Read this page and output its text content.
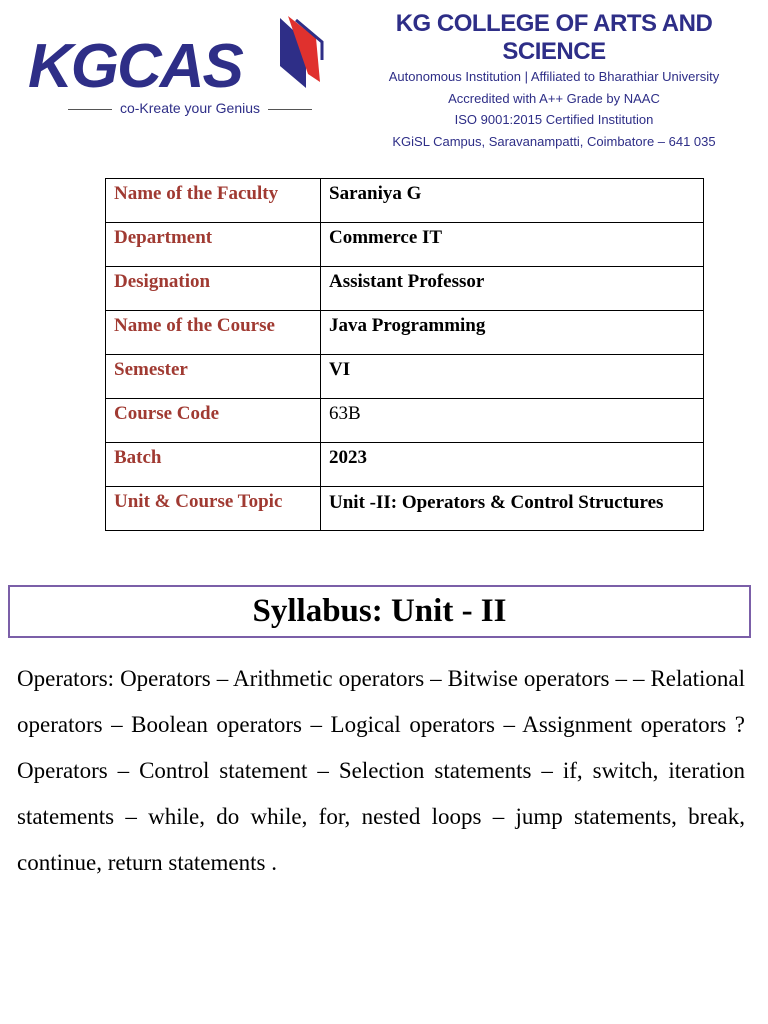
KGCAS
co-Kreate your Genius
KG COLLEGE OF ARTS AND SCIENCE
Autonomous Institution | Affiliated to Bharathiar University
Accredited with A++ Grade by NAAC
ISO 9001:2015 Certified Institution
KGiSL Campus, Saravanampatti, Coimbatore – 641 035
Name of the Faculty	Saraniya G
Department	Commerce IT
Designation	Assistant Professor
Name of the Course	Java Programming
Semester	VI
Course Code	63B
Batch	2023
Unit & Course Topic	Unit -II: Operators & Control Structures
Syllabus: Unit - II
Operators: Operators – Arithmetic operators – Bitwise operators – – Relational operators – Boolean operators – Logical operators – Assignment operators ? Operators – Control statement – Selection statements – if, switch, iteration statements – while, do while, for, nested loops – jump statements, break, continue, return statements .
